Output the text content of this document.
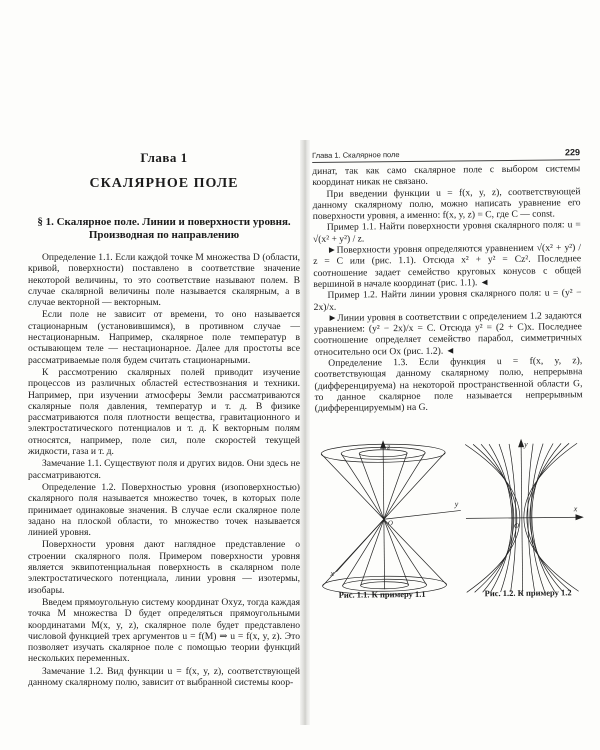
Глава 1
СКАЛЯРНОЕ ПОЛЕ
§ 1. Скалярное поле. Линии и поверхности уровня. Производная по направлению

Определение 1.1. Если каждой точке M множества D (области, кривой, поверхности) поставлено в соответствие значение некоторой величины, то это соответствие называют полем. В случае скалярной величины поле называется скалярным, а в случае векторной — векторным.

Если поле не зависит от времени, то оно называется стационарным (установившимся), в противном случае — нестационарным. Например, скалярное поле температур в остывающем теле — нестационарное. Далее для простоты все рассматриваемые поля будем считать стационарными.

К рассмотрению скалярных полей приводит изучение процессов из различных областей естествознания и техники. Например, при изучении атмосферы Земли рассматриваются скалярные поля давления, температур и т. д. В физике рассматриваются поля плотности вещества, гравитационного и электростатического потенциалов и т. д. К векторным полям относятся, например, поле сил, поле скоростей текущей жидкости, газа и т. д.

Замечание 1.1. Существуют поля и других видов. Они здесь не рассматриваются.

Определение 1.2. Поверхностью уровня (изоповерхностью) скалярного поля называется множество точек, в которых поле принимает одинаковые значения. В случае если скалярное поле задано на плоской области, то множество точек называется линией уровня.

Поверхности уровня дают наглядное представление о строении скалярного поля. Примером поверхности уровня является эквипотенциальная поверхность в скалярном поле электростатического потенциала, линии уровня — изотермы, изобары.

Введем прямоугольную систему координат Oxyz, тогда каждая точка M множества D будет определяться прямоугольными координатами M(x, y, z), скалярное поле будет представлено числовой функцией трех аргументов u = f(M) ⇒ u = f(x, y, z). Это позволяет изучать скалярное поле с помощью теории функций нескольких переменных.

Замечание 1.2. Вид функции u = f(x, y, z), соответствующей данному скалярному полю, зависит от выбранной системы коор-

Глава 1. Скалярное поле	229

динат, так как само скалярное поле с выбором системы координат никак не связано.

При введении функции u = f(x, y, z), соответствующей данному скалярному полю, можно написать уравнение его поверхности уровня, а именно: f(x, y, z) = C, где C — const.

Пример 1.1. Найти поверхности уровня скалярного поля: u = √(x² + y²) / z.

►Поверхности уровня определяются уравнением √(x² + y²) / z = C или (рис. 1.1). Отсюда x² + y² = Cz². Последнее соотношение задает семейство круговых конусов с общей вершиной в начале координат (рис. 1.1). ◄

Пример 1.2. Найти линии уровня скалярного поля: u = (y² − 2x)/x.

►Линии уровня в соответствии с определением 1.2 задаются уравнением: (y² − 2x)/x = C. Отсюда y² = (2 + C)x. Последнее соотношение определяет семейство парабол, симметричных относительно оси Ox (рис. 1.2). ◄

Определение 1.3. Если функция u = f(x, y, z), соответствующая данному скалярному полю, непрерывна (дифференцируема) на некоторой пространственной области G, то данное скалярное поле называется непрерывным (дифференцируемым) на G.

z
y
x
O
y
x
O
Рис. 1.1. К примеру 1.1	Рис. 1.2. К примеру 1.2
